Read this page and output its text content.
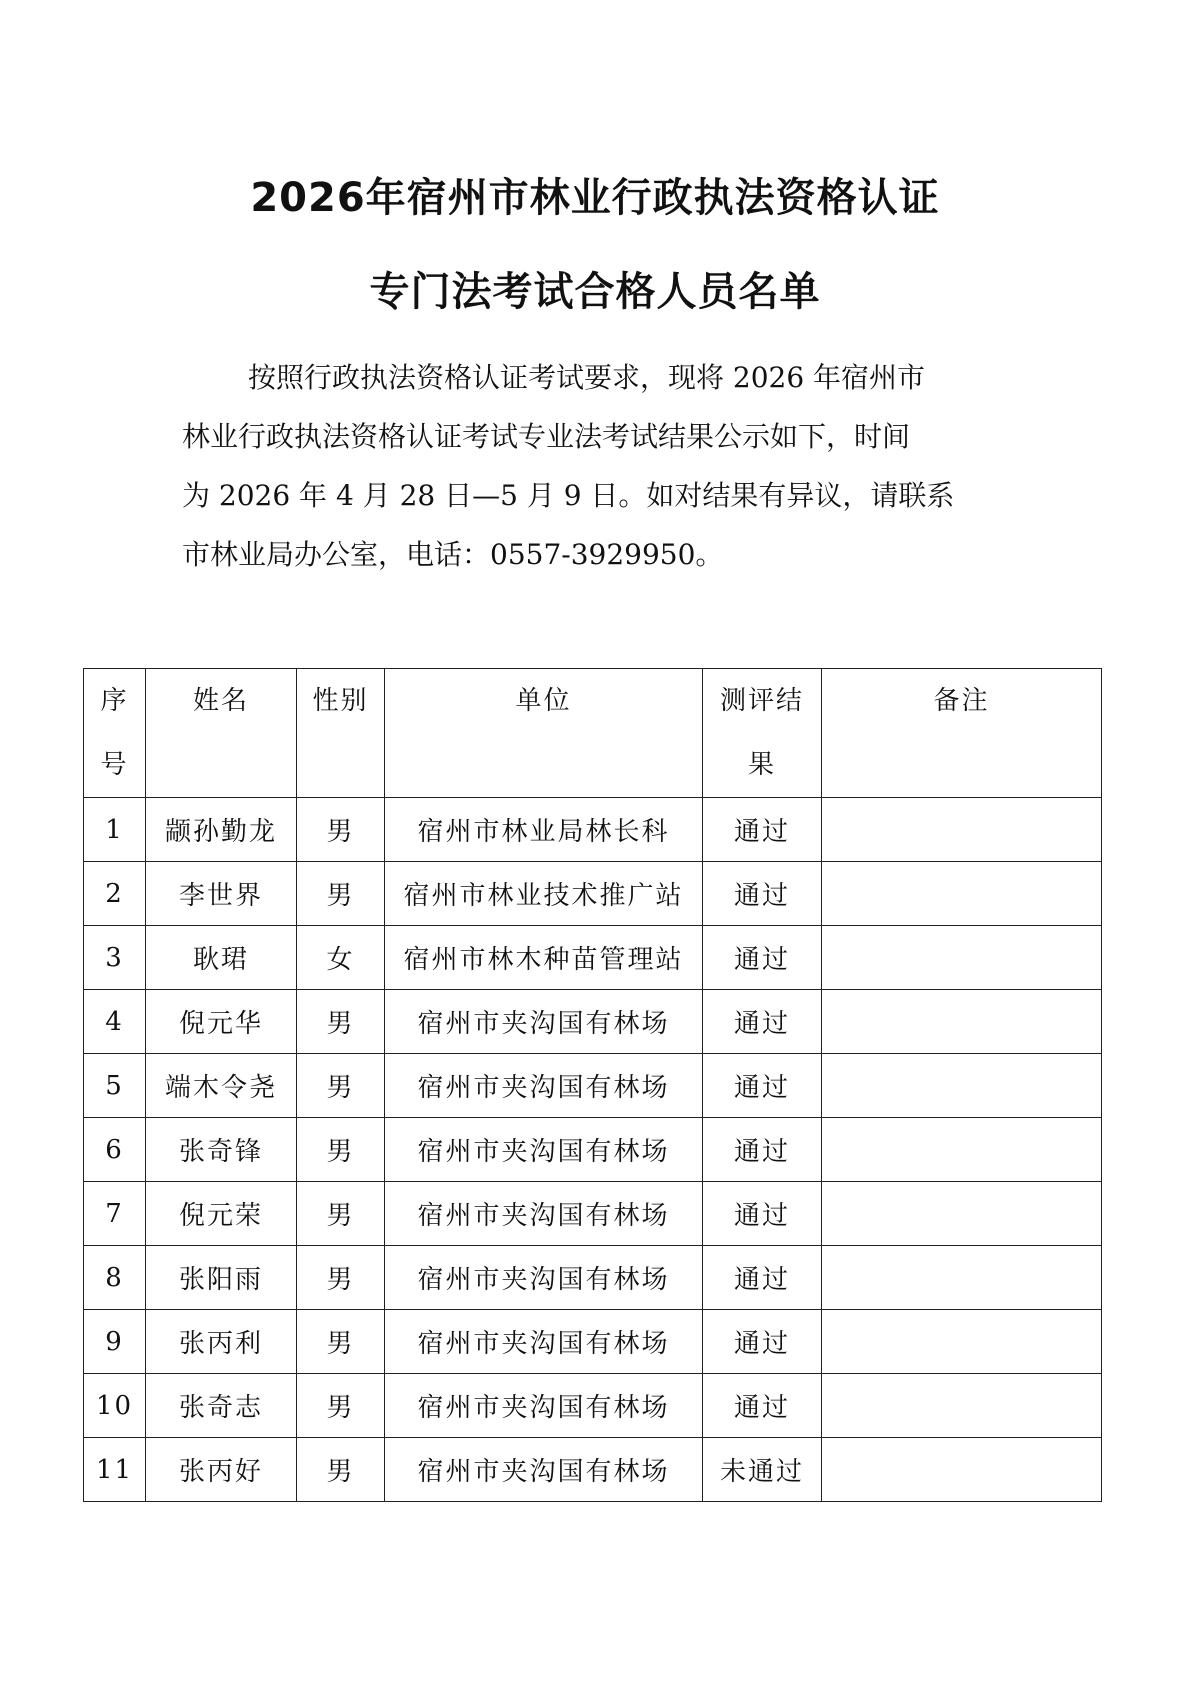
2026年宿州市林业行政执法资格认证
专门法考试合格人员名单

按照行政执法资格认证考试要求，现将 2026 年宿州市
林业行政执法资格认证考试专业法考试结果公示如下，时间
为 2026 年 4 月 28 日—5 月 9 日。如对结果有异议，请联系
市林业局办公室，电话：0557-3929950。

序号	姓名	性别	单位	测评结果	备注
1	颛孙勤龙	男	宿州市林业局林长科	通过	
2	李世界	男	宿州市林业技术推广站	通过	
3	耿珺	女	宿州市林木种苗管理站	通过	
4	倪元华	男	宿州市夹沟国有林场	通过	
5	端木令尧	男	宿州市夹沟国有林场	通过	
6	张奇锋	男	宿州市夹沟国有林场	通过	
7	倪元荣	男	宿州市夹沟国有林场	通过	
8	张阳雨	男	宿州市夹沟国有林场	通过	
9	张丙利	男	宿州市夹沟国有林场	通过	
10	张奇志	男	宿州市夹沟国有林场	通过	
11	张丙好	男	宿州市夹沟国有林场	未通过	
